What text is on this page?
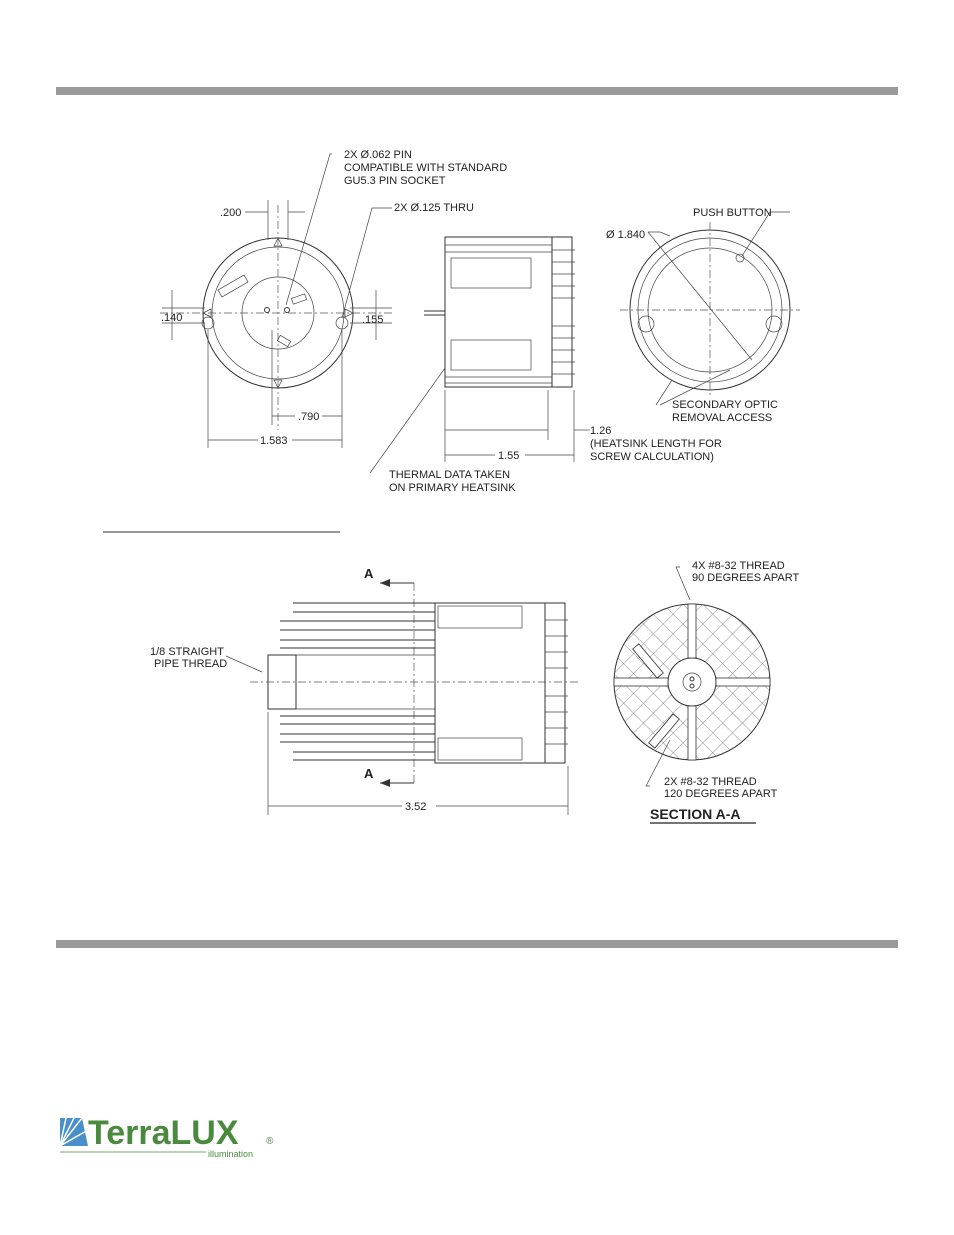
2X Ø.062 PIN
COMPATIBLE WITH STANDARD
GU5.3 PIN SOCKET
2X Ø.125 THRU
.200
.140	.155
.790
1.583
1.26
(HEATSINK LENGTH FOR
SCREW CALCULATION)
1.55
THERMAL DATA TAKEN
ON PRIMARY HEATSINK
Ø 1.840
PUSH BUTTON
SECONDARY OPTIC
REMOVAL ACCESS
A
A
1/8 STRAIGHT
PIPE THREAD
3.52
4X #8-32 THREAD
90 DEGREES APART
2X #8-32 THREAD
120 DEGREES APART
SECTION A-A
TerraLUX	®
illumination
